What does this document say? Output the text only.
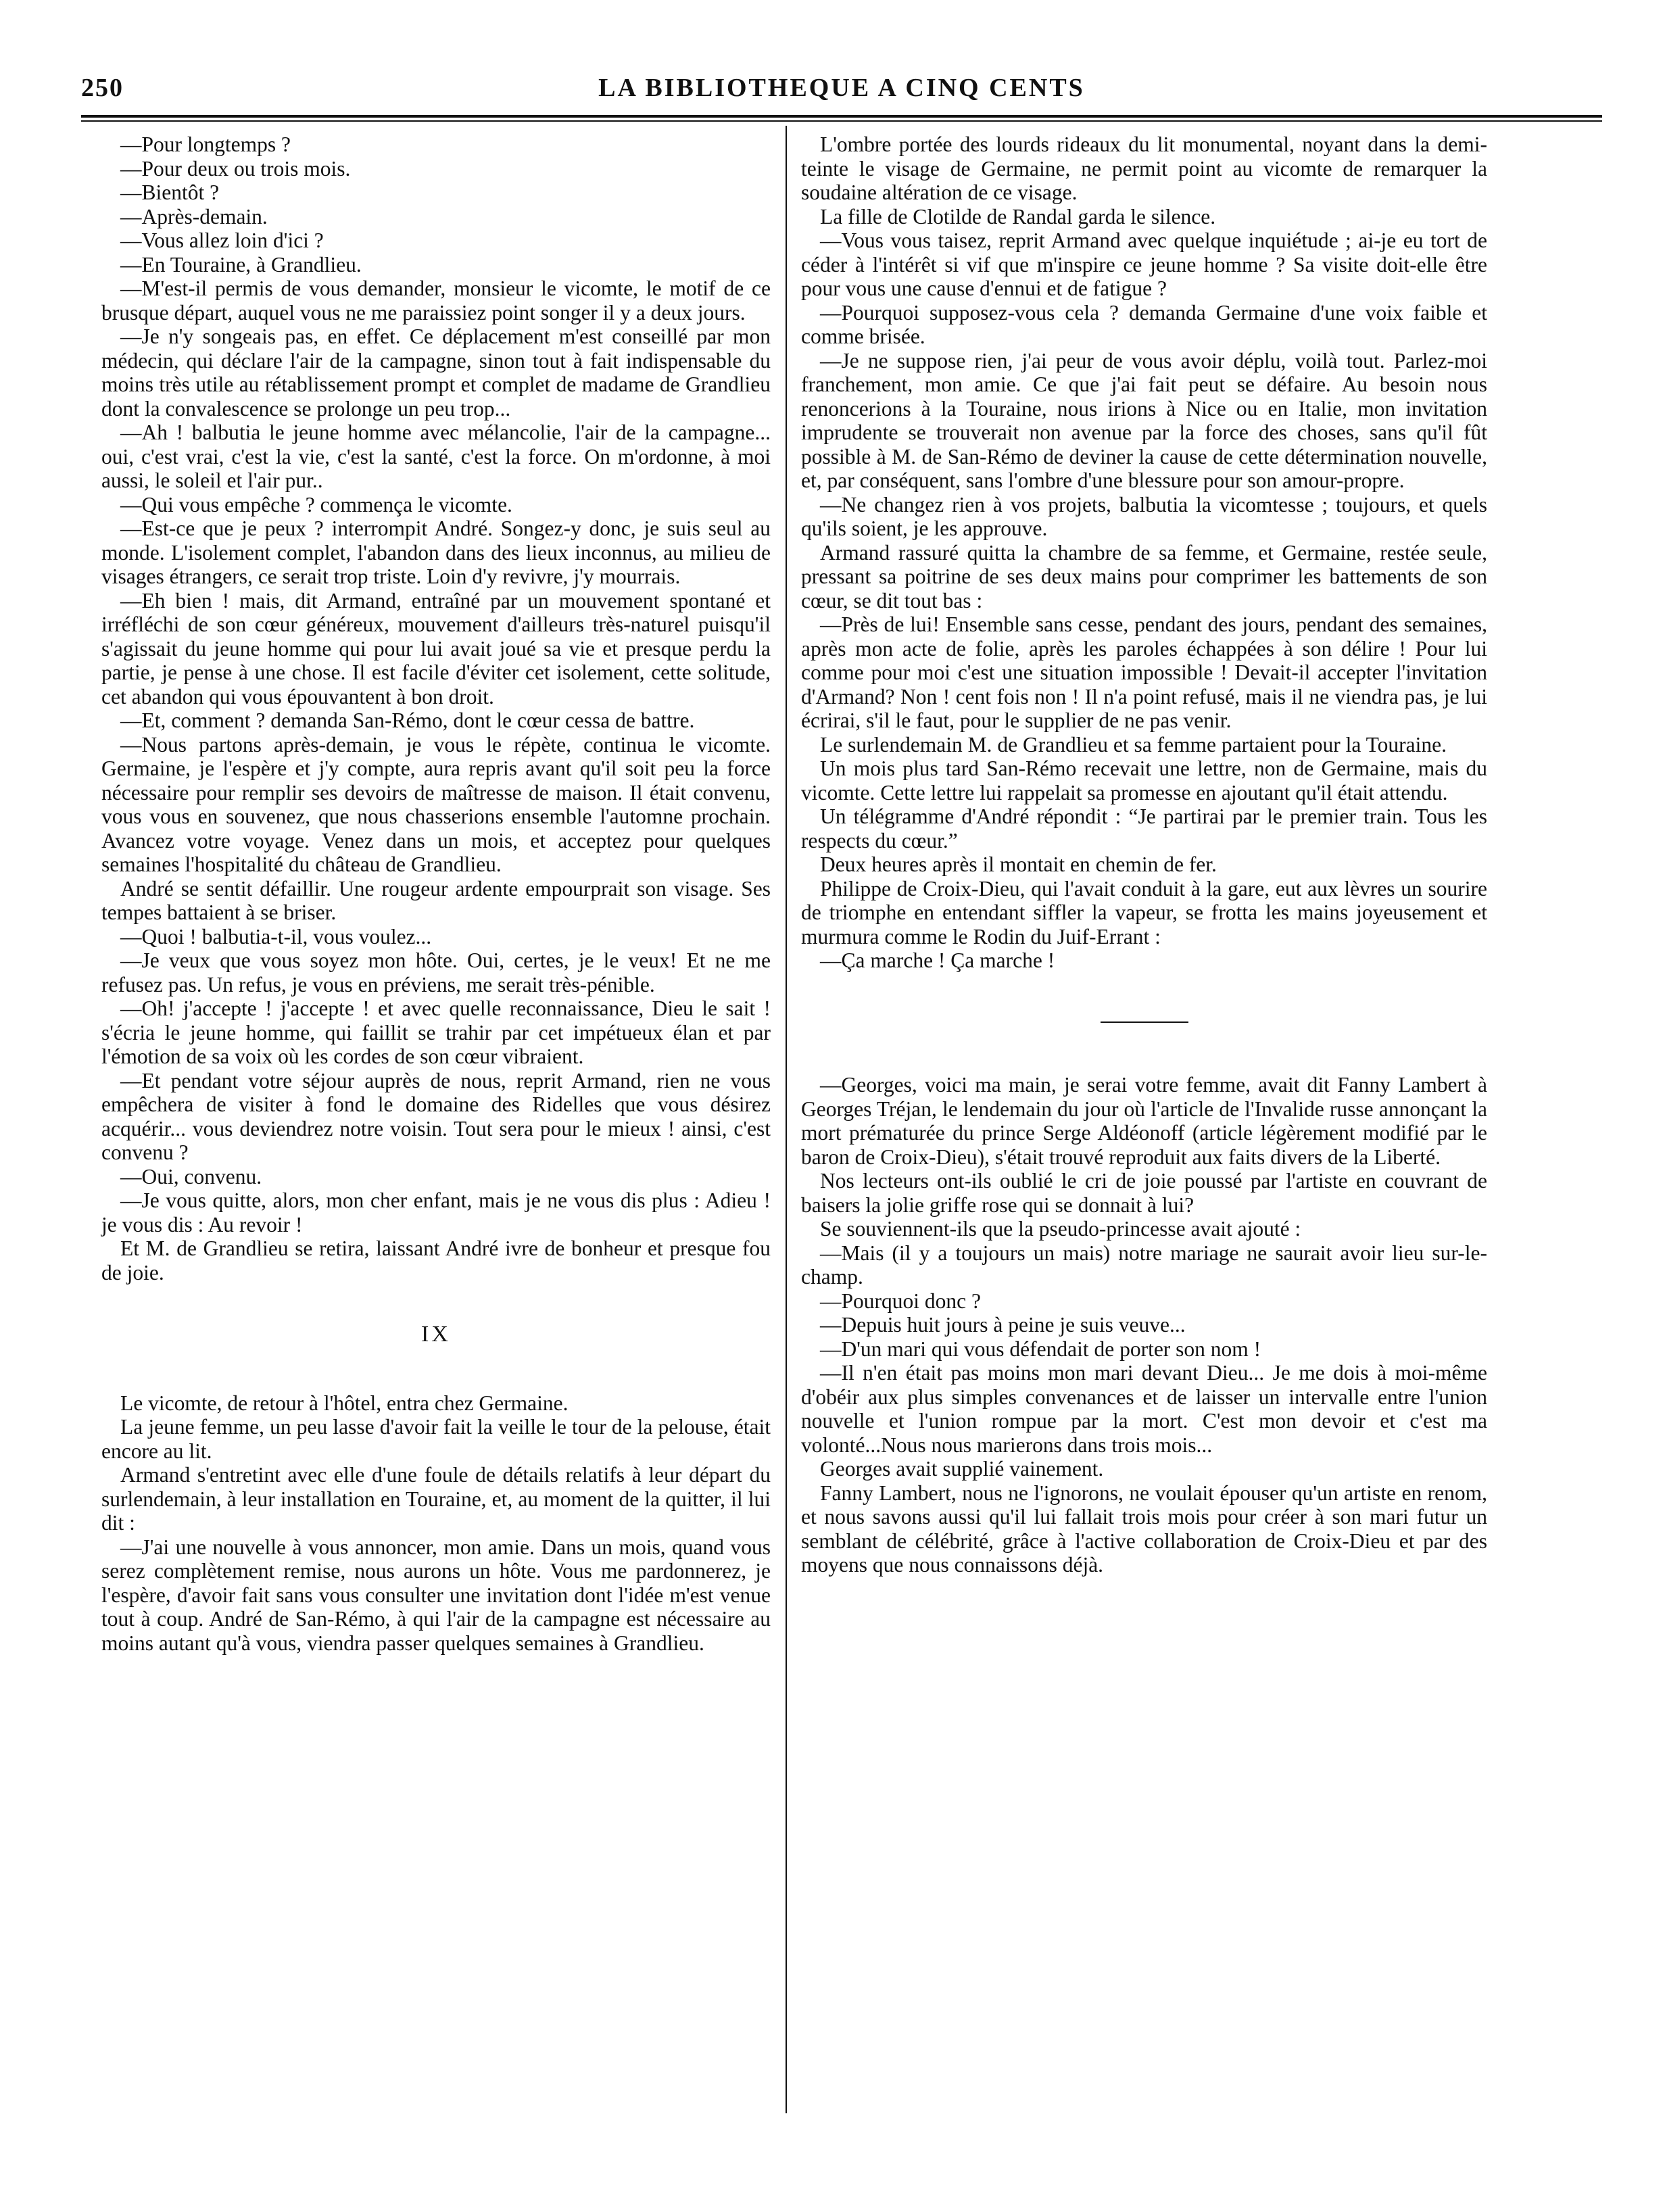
250	LA BIBLIOTHEQUE A CINQ CENTS

—Pour longtemps ?

—Pour deux ou trois mois.

—Bientôt ?

—Après-demain.

—Vous allez loin d'ici ?

—En Touraine, à Grandlieu.

—M'est-il permis de vous demander, monsieur le vicomte, le motif de ce brusque départ, auquel vous ne me paraissiez point songer il y a deux jours.

—Je n'y songeais pas, en effet. Ce déplacement m'est conseillé par mon médecin, qui déclare l'air de la campagne, sinon tout à fait indispensable du moins très utile au rétablissement prompt et complet de madame de Grandlieu dont la convalescence se prolonge un peu trop...

—Ah ! balbutia le jeune homme avec mélancolie, l'air de la campagne... oui, c'est vrai, c'est la vie, c'est la santé, c'est la force. On m'ordonne, à moi aussi, le soleil et l'air pur..

—Qui vous empêche ? commença le vicomte.

—Est-ce que je peux ? interrompit André. Songez-y donc, je suis seul au monde. L'isolement complet, l'abandon dans des lieux inconnus, au milieu de visages étrangers, ce serait trop triste. Loin d'y revivre, j'y mourrais.

—Eh bien ! mais, dit Armand, entraîné par un mouvement spontané et irréfléchi de son cœur généreux, mouvement d'ailleurs très-naturel puisqu'il s'agissait du jeune homme qui pour lui avait joué sa vie et presque perdu la partie, je pense à une chose. Il est facile d'éviter cet isolement, cette solitude, cet abandon qui vous épouvantent à bon droit.

—Et, comment ? demanda San-Rémo, dont le cœur cessa de battre.

—Nous partons après-demain, je vous le répète, continua le vicomte. Germaine, je l'espère et j'y compte, aura repris avant qu'il soit peu la force nécessaire pour remplir ses devoirs de maîtresse de maison. Il était convenu, vous vous en souvenez, que nous chasserions ensemble l'automne prochain. Avancez votre voyage. Venez dans un mois, et acceptez pour quelques semaines l'hospitalité du château de Grandlieu.

André se sentit défaillir. Une rougeur ardente empourprait son visage. Ses tempes battaient à se briser.

—Quoi ! balbutia-t-il, vous voulez...

—Je veux que vous soyez mon hôte. Oui, certes, je le veux! Et ne me refusez pas. Un refus, je vous en préviens, me serait très-pénible.

—Oh! j'accepte ! j'accepte ! et avec quelle reconnaissance, Dieu le sait ! s'écria le jeune homme, qui faillit se trahir par cet impétueux élan et par l'émotion de sa voix où les cordes de son cœur vibraient.

—Et pendant votre séjour auprès de nous, reprit Armand, rien ne vous empêchera de visiter à fond le domaine des Ridelles que vous désirez acquérir... vous deviendrez notre voisin. Tout sera pour le mieux ! ainsi, c'est convenu ?

—Oui, convenu.

—Je vous quitte, alors, mon cher enfant, mais je ne vous dis plus : Adieu ! je vous dis : Au revoir !

Et M. de Grandlieu se retira, laissant André ivre de bonheur et presque fou de joie.

IX

Le vicomte, de retour à l'hôtel, entra chez Germaine.

La jeune femme, un peu lasse d'avoir fait la veille le tour de la pelouse, était encore au lit.

Armand s'entretint avec elle d'une foule de détails relatifs à leur départ du surlendemain, à leur installation en Touraine, et, au moment de la quitter, il lui dit :

—J'ai une nouvelle à vous annoncer, mon amie. Dans un mois, quand vous serez complètement remise, nous aurons un hôte. Vous me pardonnerez, je l'espère, d'avoir fait sans vous consulter une invitation dont l'idée m'est venue tout à coup. André de San-Rémo, à qui l'air de la campagne est nécessaire au moins autant qu'à vous, viendra passer quelques semaines à Grandlieu.

L'ombre portée des lourds rideaux du lit monumental, noyant dans la demi-teinte le visage de Germaine, ne permit point au vicomte de remarquer la soudaine altération de ce visage.

La fille de Clotilde de Randal garda le silence.

—Vous vous taisez, reprit Armand avec quelque inquiétude ; ai-je eu tort de céder à l'intérêt si vif que m'inspire ce jeune homme ? Sa visite doit-elle être pour vous une cause d'ennui et de fatigue ?

—Pourquoi supposez-vous cela ? demanda Germaine d'une voix faible et comme brisée.

—Je ne suppose rien, j'ai peur de vous avoir déplu, voilà tout. Parlez-moi franchement, mon amie. Ce que j'ai fait peut se défaire. Au besoin nous renoncerions à la Touraine, nous irions à Nice ou en Italie, mon invitation imprudente se trouverait non avenue par la force des choses, sans qu'il fût possible à M. de San-Rémo de deviner la cause de cette détermination nouvelle, et, par conséquent, sans l'ombre d'une blessure pour son amour-propre.

—Ne changez rien à vos projets, balbutia la vicomtesse ; toujours, et quels qu'ils soient, je les approuve.

Armand rassuré quitta la chambre de sa femme, et Germaine, restée seule, pressant sa poitrine de ses deux mains pour comprimer les battements de son cœur, se dit tout bas :

—Près de lui! Ensemble sans cesse, pendant des jours, pendant des semaines, après mon acte de folie, après les paroles échappées à son délire ! Pour lui comme pour moi c'est une situation impossible ! Devait-il accepter l'invitation d'Armand? Non ! cent fois non ! Il n'a point refusé, mais il ne viendra pas, je lui écrirai, s'il le faut, pour le supplier de ne pas venir.

Le surlendemain M. de Grandlieu et sa femme partaient pour la Touraine.

Un mois plus tard San-Rémo recevait une lettre, non de Germaine, mais du vicomte. Cette lettre lui rappelait sa promesse en ajoutant qu'il était attendu.

Un télégramme d'André répondit : “Je partirai par le premier train. Tous les respects du cœur.”

Deux heures après il montait en chemin de fer.

Philippe de Croix-Dieu, qui l'avait conduit à la gare, eut aux lèvres un sourire de triomphe en entendant siffler la vapeur, se frotta les mains joyeusement et murmura comme le Rodin du Juif-Errant :

—Ça marche ! Ça marche !

—Georges, voici ma main, je serai votre femme, avait dit Fanny Lambert à Georges Tréjan, le lendemain du jour où l'article de l'Invalide russe annonçant la mort prématurée du prince Serge Aldéonoff (article légèrement modifié par le baron de Croix-Dieu), s'était trouvé reproduit aux faits divers de la Liberté.

Nos lecteurs ont-ils oublié le cri de joie poussé par l'artiste en couvrant de baisers la jolie griffe rose qui se donnait à lui?

Se souviennent-ils que la pseudo-princesse avait ajouté :

—Mais (il y a toujours un mais) notre mariage ne saurait avoir lieu sur-le-champ.

—Pourquoi donc ?

—Depuis huit jours à peine je suis veuve...

—D'un mari qui vous défendait de porter son nom !

—Il n'en était pas moins mon mari devant Dieu... Je me dois à moi-même d'obéir aux plus simples convenances et de laisser un intervalle entre l'union nouvelle et l'union rompue par la mort. C'est mon devoir et c'est ma volonté...Nous nous marierons dans trois mois...

Georges avait supplié vainement.

Fanny Lambert, nous ne l'ignorons, ne voulait épouser qu'un artiste en renom, et nous savons aussi qu'il lui fallait trois mois pour créer à son mari futur un semblant de célébrité, grâce à l'active collaboration de Croix-Dieu et par des moyens que nous connaissons déjà.
